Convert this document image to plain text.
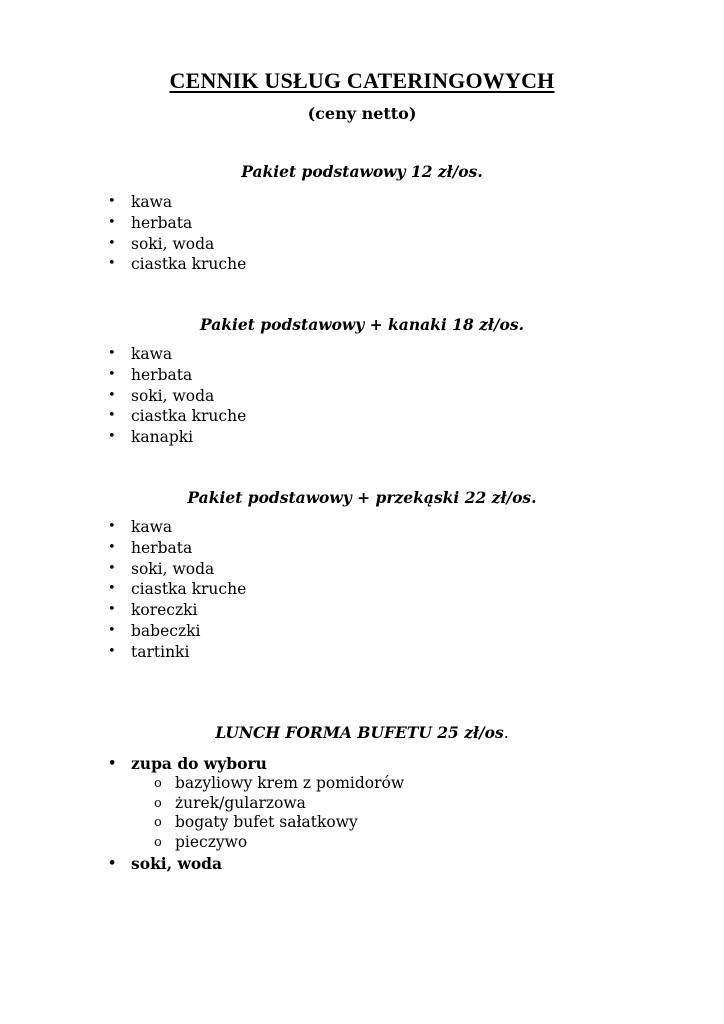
CENNIK USŁUG CATERINGOWYCH
(ceny netto)
Pakiet podstawowy 12 zł/os.
• kawa
• herbata
• soki, woda
• ciastka kruche
Pakiet podstawowy + kanaki 18 zł/os.
• kawa
• herbata
• soki, woda
• ciastka kruche
• kanapki
Pakiet podstawowy + przekąski 22 zł/os.
• kawa
• herbata
• soki, woda
• ciastka kruche
• koreczki
• babeczki
• tartinki
LUNCH FORMA BUFETU 25 zł/os.
• zupa do wyboru
o bazyliowy krem z pomidorów
o żurek/gularzowa
o bogaty bufet sałatkowy
o pieczywo
• soki, woda
